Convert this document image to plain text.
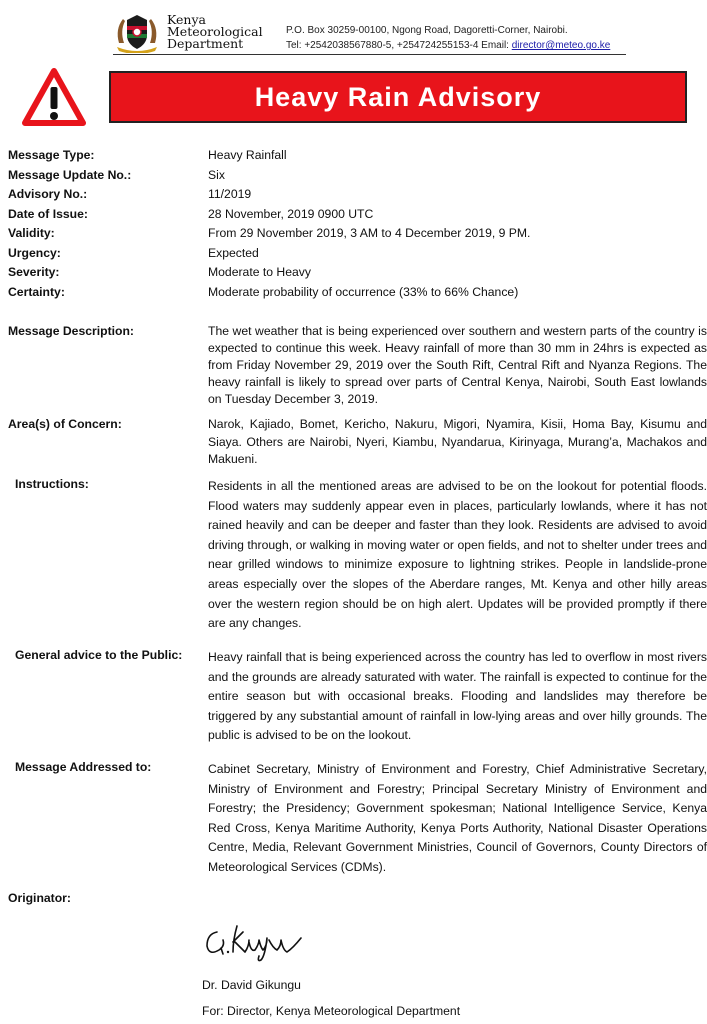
Kenya
Meteorological
Department
P.O. Box 30259-00100, Ngong Road, Dagoretti-Corner, Nairobi.
Tel: +2542038567880-5, +254724255153-4 Email: director@meteo.go.ke
Heavy Rain Advisory
Message Type:	Heavy Rainfall
Message Update No.:	Six
Advisory No.:	11/2019
Date of Issue:	28 November, 2019 0900 UTC
Validity:	From 29 November 2019, 3 AM to 4 December 2019, 9 PM.
Urgency:	Expected
Severity:	Moderate to Heavy
Certainty:	Moderate probability of occurrence (33% to 66% Chance)
Message Description:	The wet weather that is being experienced over southern and western parts of the country is expected to continue this week. Heavy rainfall of more than 30 mm in 24hrs is expected as from Friday November 29, 2019 over the South Rift, Central Rift and Nyanza Regions. The heavy rainfall is likely to spread over parts of Central Kenya, Nairobi, South East lowlands on Tuesday December 3, 2019.

Area(s) of Concern:	Narok, Kajiado, Bomet, Kericho, Nakuru, Migori, Nyamira, Kisii, Homa Bay, Kisumu and Siaya. Others are Nairobi, Nyeri, Kiambu, Nyandarua, Kirinyaga, Murang’a, Machakos and Makueni.

Instructions:	Residents in all the mentioned areas are advised to be on the lookout for potential floods. Flood waters may suddenly appear even in places, particularly lowlands, where it has not rained heavily and can be deeper and faster than they look. Residents are advised to avoid driving through, or walking in moving water or open fields, and not to shelter under trees and near grilled windows to minimize exposure to lightning strikes. People in landslide-prone areas especially over the slopes of the Aberdare ranges, Mt. Kenya and other hilly areas over the western region should be on high alert. Updates will be provided promptly if there are any changes.

General advice to the Public: Heavy rainfall that is being experienced across the country has led to overflow in most rivers and the grounds are already saturated with water. The rainfall is expected to continue for the entire season but with occasional breaks. Flooding and landslides may therefore be triggered by any substantial amount of rainfall in low-lying areas and over hilly grounds. The public is advised to be on the lookout.

Message Addressed to:	Cabinet Secretary, Ministry of Environment and Forestry, Chief Administrative Secretary, Ministry of Environment and Forestry; Principal Secretary Ministry of Environment and Forestry; the Presidency; Government spokesman; National Intelligence Service, Kenya Red Cross, Kenya Maritime Authority, Kenya Ports Authority, National Disaster Operations Centre, Media, Relevant Government Ministries, Council of Governors, County Directors of Meteorological Services (CDMs).

Originator:
Dr. David Gikungu
For: Director, Kenya Meteorological Department
